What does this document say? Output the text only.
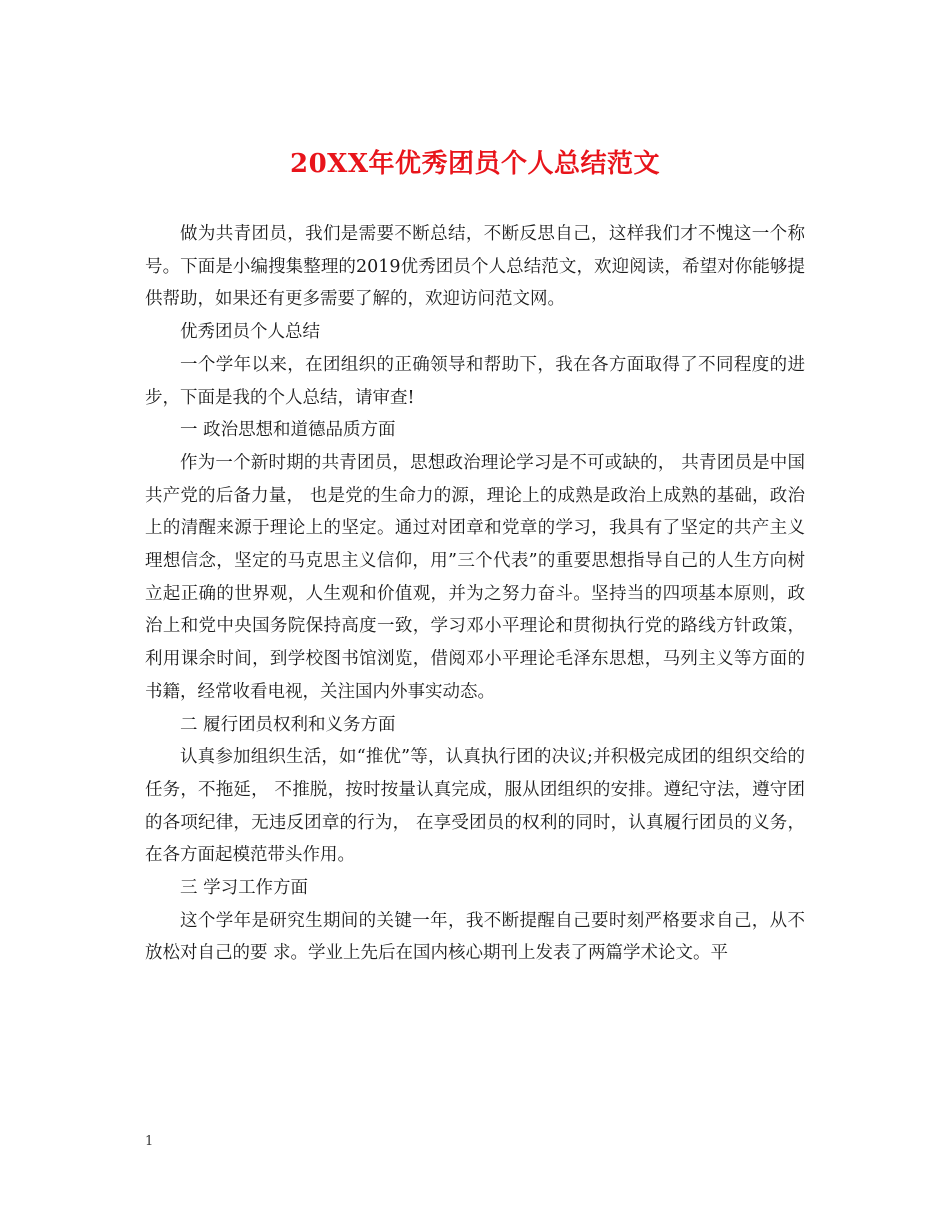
20XX年优秀团员个人总结范文

做为共青团员，我们是需要不断总结，不断反思自己，这样我们才不愧这一个称号。下面是小编搜集整理的2019优秀团员个人总结范文，欢迎阅读，希望对你能够提供帮助，如果还有更多需要了解的，欢迎访问范文网。

优秀团员个人总结

一个学年以来，在团组织的正确领导和帮助下，我在各方面取得了不同程度的进步，下面是我的个人总结，请审查!

一 政治思想和道德品质方面

作为一个新时期的共青团员，思想政治理论学习是不可或缺的， 共青团员是中国共产党的后备力量， 也是党的生命力的源，理论上的成熟是政治上成熟的基础，政治上的清醒来源于理论上的坚定。通过对团章和党章的学习，我具有了坚定的共产主义理想信念，坚定的马克思主义信仰，用”三个代表”的重要思想指导自己的人生方向树立起正确的世界观，人生观和价值观，并为之努力奋斗。坚持当的四项基本原则，政治上和党中央国务院保持高度一致，学习邓小平理论和贯彻执行党的路线方针政策，利用课余时间，到学校图书馆浏览，借阅邓小平理论毛泽东思想，马列主义等方面的书籍，经常收看电视，关注国内外事实动态。

二 履行团员权利和义务方面

认真参加组织生活，如“推优”等，认真执行团的决议;并积极完成团的组织交给的任务，不拖延， 不推脱，按时按量认真完成，服从团组织的安排。遵纪守法，遵守团的各项纪律，无违反团章的行为， 在享受团员的权利的同时，认真履行团员的义务，在各方面起模范带头作用。

三 学习工作方面

这个学年是研究生期间的关键一年，我不断提醒自己要时刻严格要求自己，从不放松对自己的要 求。学业上先后在国内核心期刊上发表了两篇学术论文。平

1
